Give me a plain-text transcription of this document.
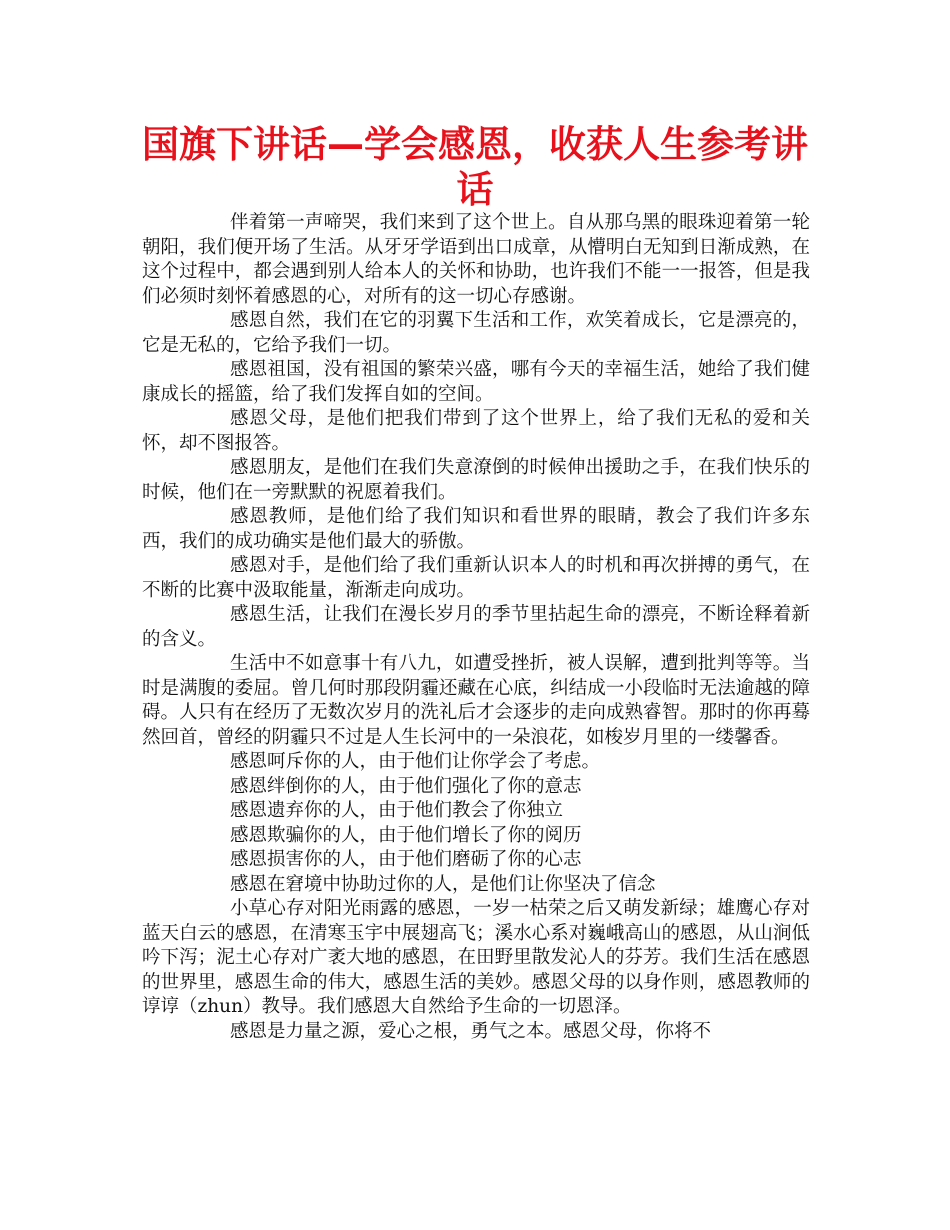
国旗下讲话—学会感恩，收获人生参考讲话

伴着第一声啼哭，我们来到了这个世上。自从那乌黑的眼珠迎着第一轮朝阳，我们便开场了生活。从牙牙学语到出口成章，从懵明白无知到日渐成熟，在这个过程中，都会遇到别人给本人的关怀和协助，也许我们不能一一报答，但是我们必须时刻怀着感恩的心，对所有的这一切心存感谢。

感恩自然，我们在它的羽翼下生活和工作，欢笑着成长，它是漂亮的，它是无私的，它给予我们一切。

感恩祖国，没有祖国的繁荣兴盛，哪有今天的幸福生活，她给了我们健康成长的摇篮，给了我们发挥自如的空间。

感恩父母，是他们把我们带到了这个世界上，给了我们无私的爱和关怀，却不图报答。

感恩朋友，是他们在我们失意潦倒的时候伸出援助之手，在我们快乐的时候，他们在一旁默默的祝愿着我们。

感恩教师，是他们给了我们知识和看世界的眼睛，教会了我们许多东西，我们的成功确实是他们最大的骄傲。

感恩对手，是他们给了我们重新认识本人的时机和再次拼搏的勇气，在不断的比赛中汲取能量，渐渐走向成功。

感恩生活，让我们在漫长岁月的季节里拈起生命的漂亮，不断诠释着新的含义。

生活中不如意事十有八九，如遭受挫折，被人误解，遭到批判等等。当时是满腹的委屈。曾几何时那段阴霾还藏在心底，纠结成一小段临时无法逾越的障碍。人只有在经历了无数次岁月的洗礼后才会逐步的走向成熟睿智。那时的你再蓦然回首，曾经的阴霾只不过是人生长河中的一朵浪花，如梭岁月里的一缕馨香。

感恩呵斥你的人，由于他们让你学会了考虑。

感恩绊倒你的人，由于他们强化了你的意志

感恩遗弃你的人，由于他们教会了你独立

感恩欺骗你的人，由于他们增长了你的阅历

感恩损害你的人，由于他们磨砺了你的心志

感恩在窘境中协助过你的人，是他们让你坚决了信念

小草心存对阳光雨露的感恩，一岁一枯荣之后又萌发新绿；雄鹰心存对蓝天白云的感恩，在清寒玉宇中展翅高飞；溪水心系对巍峨高山的感恩，从山涧低吟下泻；泥土心存对广袤大地的感恩，在田野里散发沁人的芬芳。我们生活在感恩的世界里，感恩生命的伟大，感恩生活的美妙。感恩父母的以身作则，感恩教师的谆谆（zhun）教导。我们感恩大自然给予生命的一切恩泽。

感恩是力量之源，爱心之根，勇气之本。感恩父母，你将不
